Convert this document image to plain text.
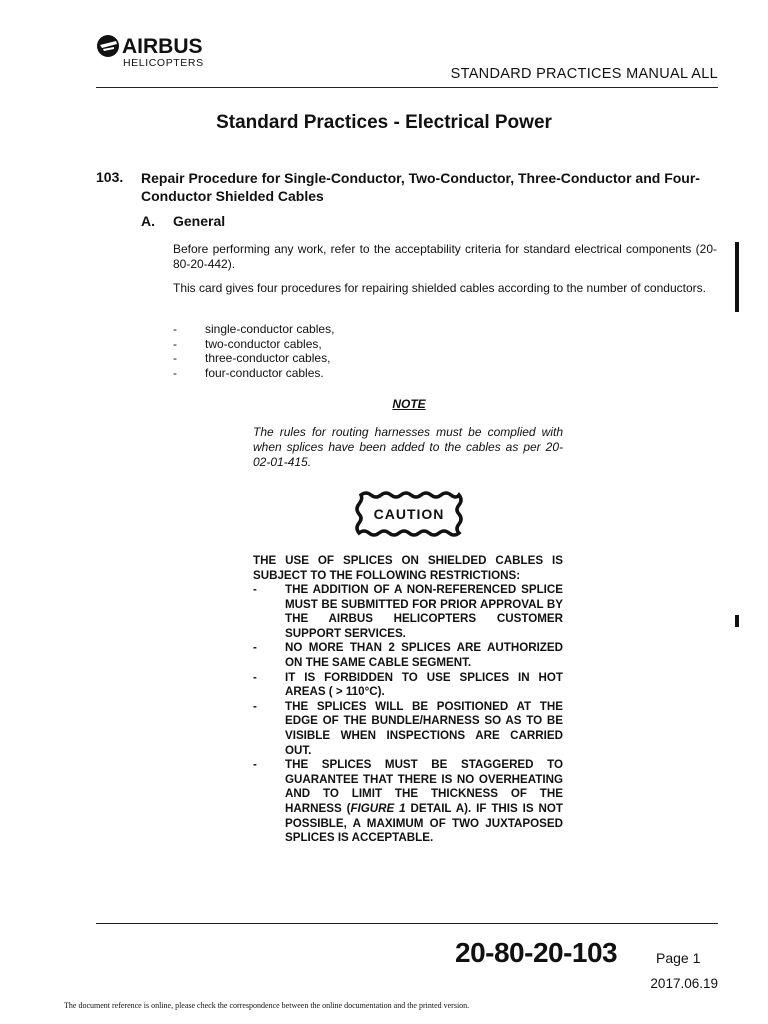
AIRBUS
HELICOPTERS
STANDARD PRACTICES MANUAL ALL
Standard Practices - Electrical Power
103. Repair Procedure for Single-Conductor, Two-Conductor, Three-Conductor and Four-Conductor Shielded Cables
A. General
Before performing any work, refer to the acceptability criteria for standard electrical components (20-80-20-442).
This card gives four procedures for repairing shielded cables according to the number of conductors.
-	single-conductor cables,
-	two-conductor cables,
-	three-conductor cables,
-	four-conductor cables.
NOTE
The rules for routing harnesses must be complied with when splices have been added to the cables as per 20-02-01-415.
CAUTION
THE USE OF SPLICES ON SHIELDED CABLES IS SUBJECT TO THE FOLLOWING RESTRICTIONS:
-	THE ADDITION OF A NON-REFERENCED SPLICE MUST BE SUBMITTED FOR PRIOR APPROVAL BY THE AIRBUS HELICOPTERS CUSTOMER SUPPORT SERVICES.
-	NO MORE THAN 2 SPLICES ARE AUTHORIZED ON THE SAME CABLE SEGMENT.
-	IT IS FORBIDDEN TO USE SPLICES IN HOT AREAS ( > 110°C).
-	THE SPLICES WILL BE POSITIONED AT THE EDGE OF THE BUNDLE/HARNESS SO AS TO BE VISIBLE WHEN INSPECTIONS ARE CARRIED OUT.
-	THE SPLICES MUST BE STAGGERED TO GUARANTEE THAT THERE IS NO OVERHEATING AND TO LIMIT THE THICKNESS OF THE HARNESS (FIGURE 1 DETAIL A). IF THIS IS NOT POSSIBLE, A MAXIMUM OF TWO JUXTAPOSED SPLICES IS ACCEPTABLE.
20-80-20-103	Page 1
2017.06.19
The document reference is online, please check the correspondence between the online documentation and the printed version.
